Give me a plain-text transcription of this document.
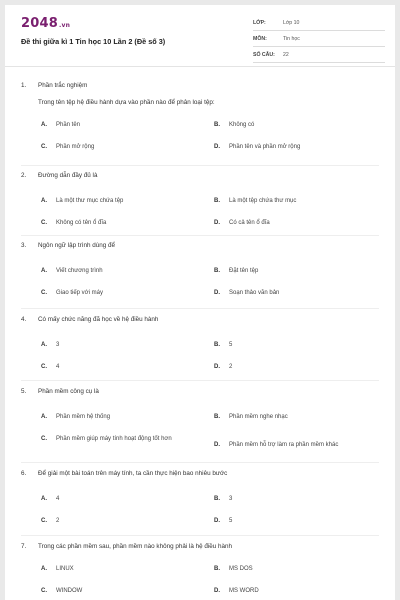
2048.vn
Đề thi giữa kì 1 Tin học 10 Lần 2 (Đề số 3)
LỚP:	Lớp 10
MÔN:	Tin học
SỐ CÂU:	22
1.	Phần trắc nghiệm
Trong tên tệp hệ điều hành dựa vào phần nào để phân loại tệp:
A.	Phần tên	B.	Không có
C.	Phần mở rộng	D.	Phần tên và phần mở rộng
2.	Đường dẫn đầy đủ là
A.	Là một thư mục chứa tệp	B.	Là một tệp chứa thư mục
C.	Không có tên ổ đĩa	D.	Có cả tên ổ đĩa
3.	Ngôn ngữ lập trình dùng để
A.	Viết chương trình	B.	Đặt tên tệp
C.	Giao tiếp với máy	D.	Soạn thảo văn bản
4.	Có mấy chức năng đã học về hệ điều hành
A.	3	B.	5
C.	4	D.	2
5.	Phần mềm công cụ là
A.	Phần mềm hệ thống	B.	Phần mềm nghe nhạc
C.	Phần mềm giúp máy tính hoạt động tốt hơn
D.	Phần mềm hỗ trợ làm ra phần mềm khác
6.	Để giải một bài toán trên máy tính, ta cần thực hiện bao nhiêu bước
A.	4	B.	3
C.	2	D.	5
7.	Trong các phần mềm sau, phần mềm nào không phải là hệ điều hành
A.	LINUX	B.	MS DOS
C.	WINDOW	D.	MS WORD
